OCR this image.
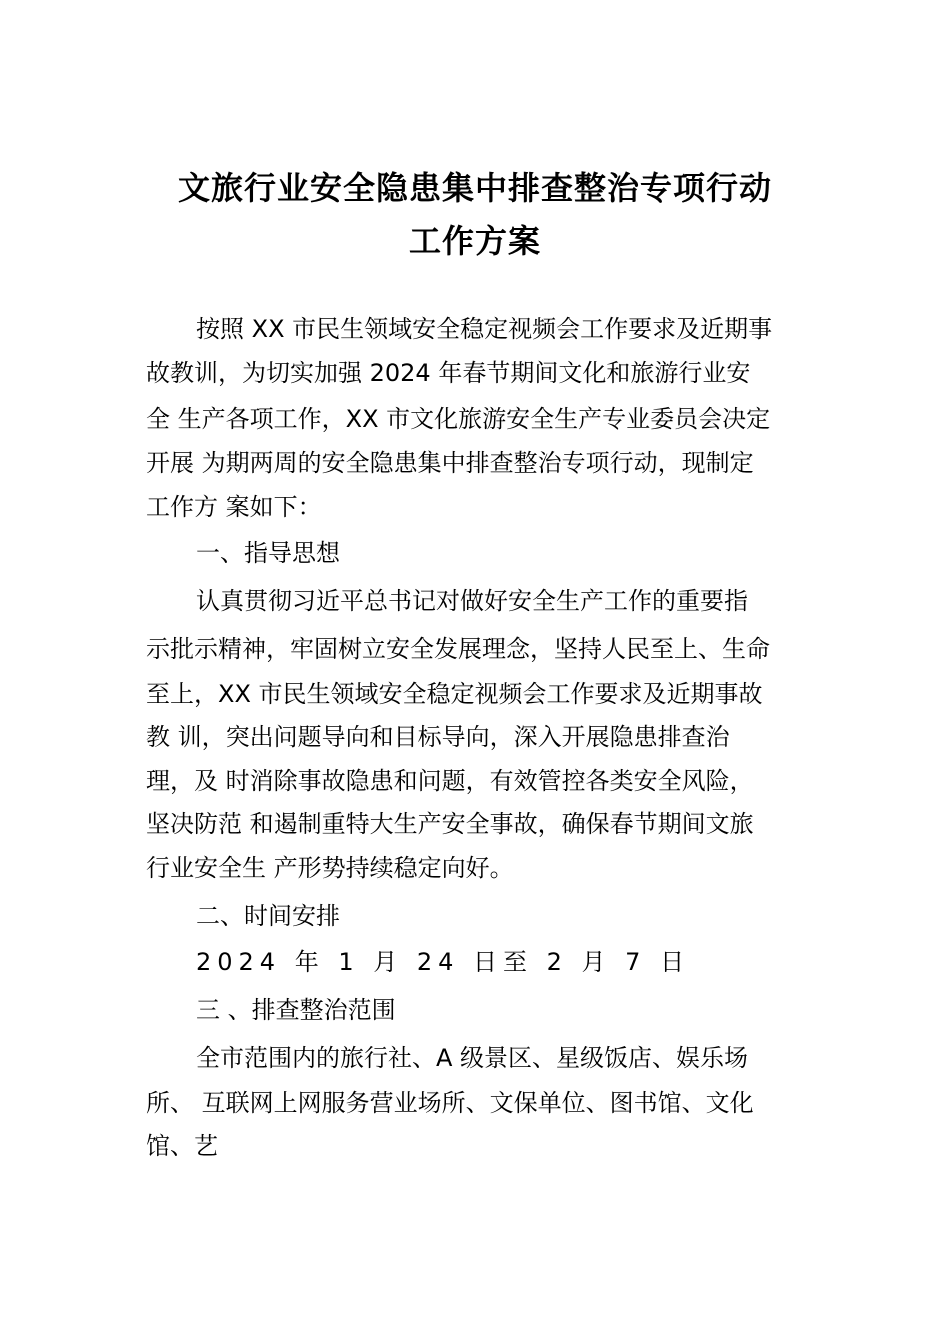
文旅行业安全隐患集中排查整治专项行动
工作方案
按照 XX 市民生领域安全稳定视频会工作要求及近期事
故教训，为切实加强 2024 年春节期间文化和旅游行业安
全 生产各项工作，XX 市文化旅游安全生产专业委员会决定
开展 为期两周的安全隐患集中排查整治专项行动，现制定
工作方 案如下：
一、指导思想
认真贯彻习近平总书记对做好安全生产工作的重要指
示批示精神，牢固树立安全发展理念，坚持人民至上、生命
至上，XX 市民生领域安全稳定视频会工作要求及近期事故
教 训，突出问题导向和目标导向，深入开展隐患排查治
理，及 时消除事故隐患和问题，有效管控各类安全风险，
坚决防范 和遏制重特大生产安全事故，确保春节期间文旅
行业安全生 产形势持续稳定向好。
二、时间安排
2024 年 1 月 24 日至 2 月 7 日
三 、排查整治范围
全市范围内的旅行社、A 级景区、星级饭店、娱乐场
所、 互联网上网服务营业场所、文保单位、图书馆、文化
馆、艺
